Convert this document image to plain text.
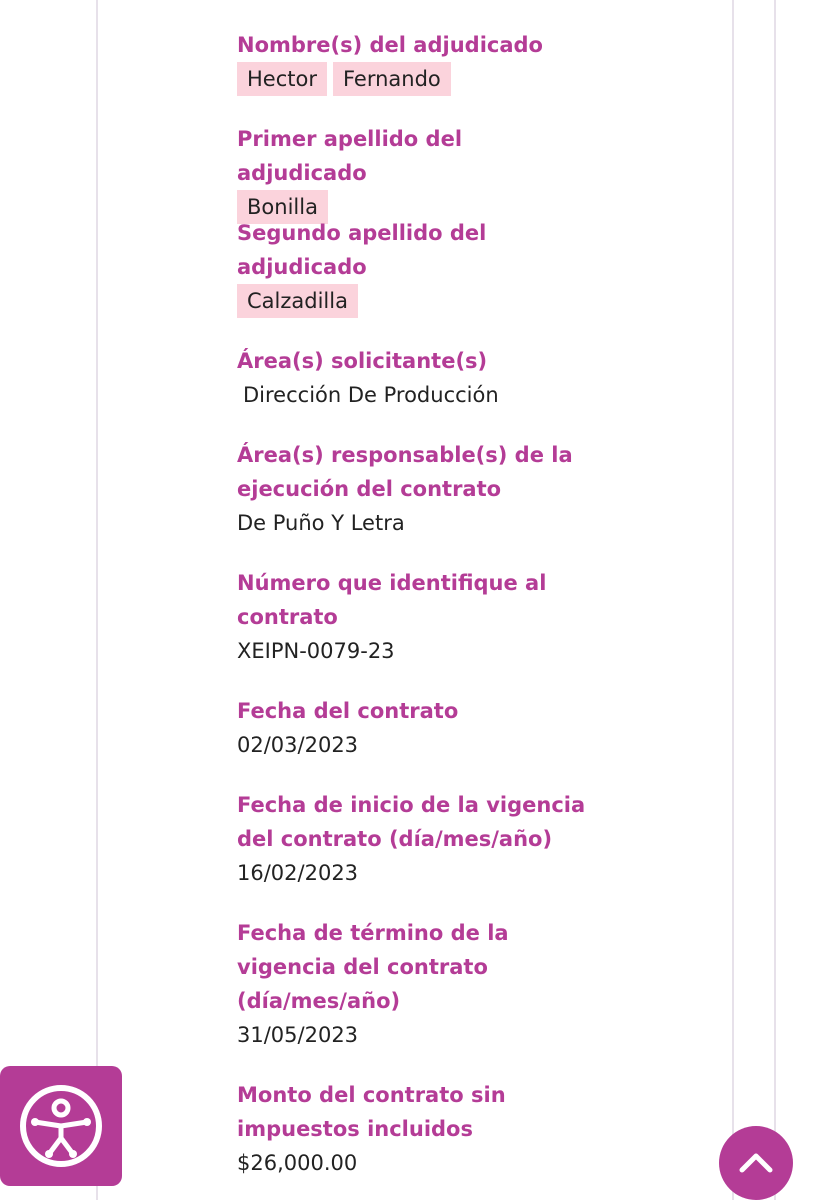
Nombre(s) del adjudicado

Hector	Fernando

Primer apellido del adjudicado

Bonilla

Segundo apellido del adjudicado

Calzadilla

Área(s) solicitante(s)

Dirección De Producción

Área(s) responsable(s) de la ejecución del contrato

De Puño Y Letra

Número que identifique al contrato

XEIPN-0079-23

Fecha del contrato

02/03/2023

Fecha de inicio de la vigencia del contrato (día/mes/año)

16/02/2023

Fecha de término de la vigencia del contrato (día/mes/año)

31/05/2023

Monto del contrato sin impuestos incluidos

$26,000.00
